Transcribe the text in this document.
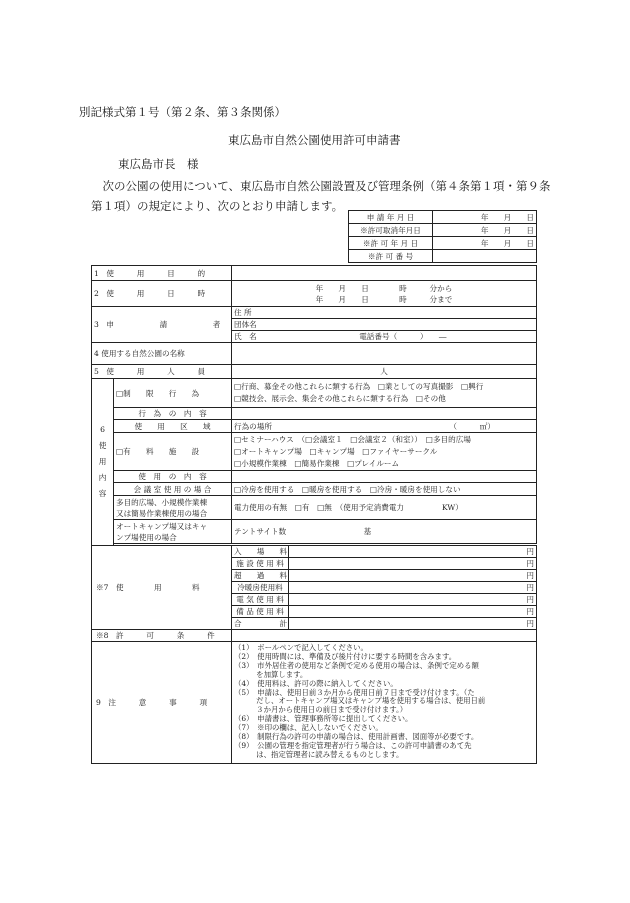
別記様式第１号（第２条、第３条関係）
東広島市自然公園使用許可申請書
東広島市長　様
　次の公園の使用について、東広島市自然公園設置及び管理条例（第４条第１項・第９条第１項）の規定により、次のとおり申請します。
申 請 年 月 日	年　　月　　日
※許可取消年月日	年　　月　　日
※許 可 年 月 日	年　　月　　日
※許 可 番 号	
1　使　　　用　　　目　　　的	
2　使　　　用　　　日　　　時	
年　　月　　日　　　　時　　　分から
年　　月　　日　　　　時　　　分まで

3　申　　　　　　請　　　　　　者	住 所
団体名
氏　名	電話番号（　　　）　　―
4 使用する自然公園の名称	
5　使　　　用　　　人　　　員	人

6
使
用
内
容
	□制　　限　　行　　為	
□行商、募金その他これらに類する行為　□業としての写真撮影　□興行
□競技会、展示会、集会その他これらに類する行為　□その他

行　為　の　内　容	
使　　用　　区　　域	行為の場所	（　　　㎡）
□有　　料　　施　　設	
□セミナーハウス　（□会議室１　□会議室２（和室））　□多目的広場
□オートキャンプ場　□キャンプ場　□ファイヤーサークル
□小規模作業棟　□簡易作業棟　□プレイルーム

使　用　の　内　容	
会 議 室 使 用 の 場 合	□冷房を使用する　□暖房を使用する　□冷房・暖房を使用しない

多目的広場、小規模作業棟
又は簡易作業棟使用の場合
	電力使用の有無　□有　□無　（使用予定消費電力　　　　　KW）

オートキャンプ場又はキャ
ンプ場使用の場合
	テントサイト数	基

※7　使　　　　用　　　　料	
入　　場　　料	円

施 設 使 用 料	円

超　　過　　料	円

冷暖房使用料	円

電 気 使 用 料	円

備 品 使 用 料	円

合　　　　　計	円

※8　許　　　可　　　条　　　件	
9　注　　　意　　　事　　　項	（1）　ボールペンで記入してください。
（2）　使用時間には、準備及び後片付けに要する時間を含みます。
（3）　市外居住者の使用など条例で定める使用の場合は、条例で定める額
　　　を加算します。
（4）　使用料は、許可の際に納入してください。
（5）　申請は、使用日前３か月から使用日前７日まで受け付けます。（た
　　　だし、オートキャンプ場又はキャンプ場を使用する場合は、使用日前
　　　３か月から使用日の前日まで受け付けます。）
（6）　申請書は、管理事務所等に提出してください。
（7）　※印の欄は、記入しないでください。
（8）　制限行為の許可の申請の場合は、使用計画書、図面等が必要です。
（9）　公園の管理を指定管理者が行う場合は、この許可申請書のあて先
　　　は、指定管理者に読み替えるものとします。
